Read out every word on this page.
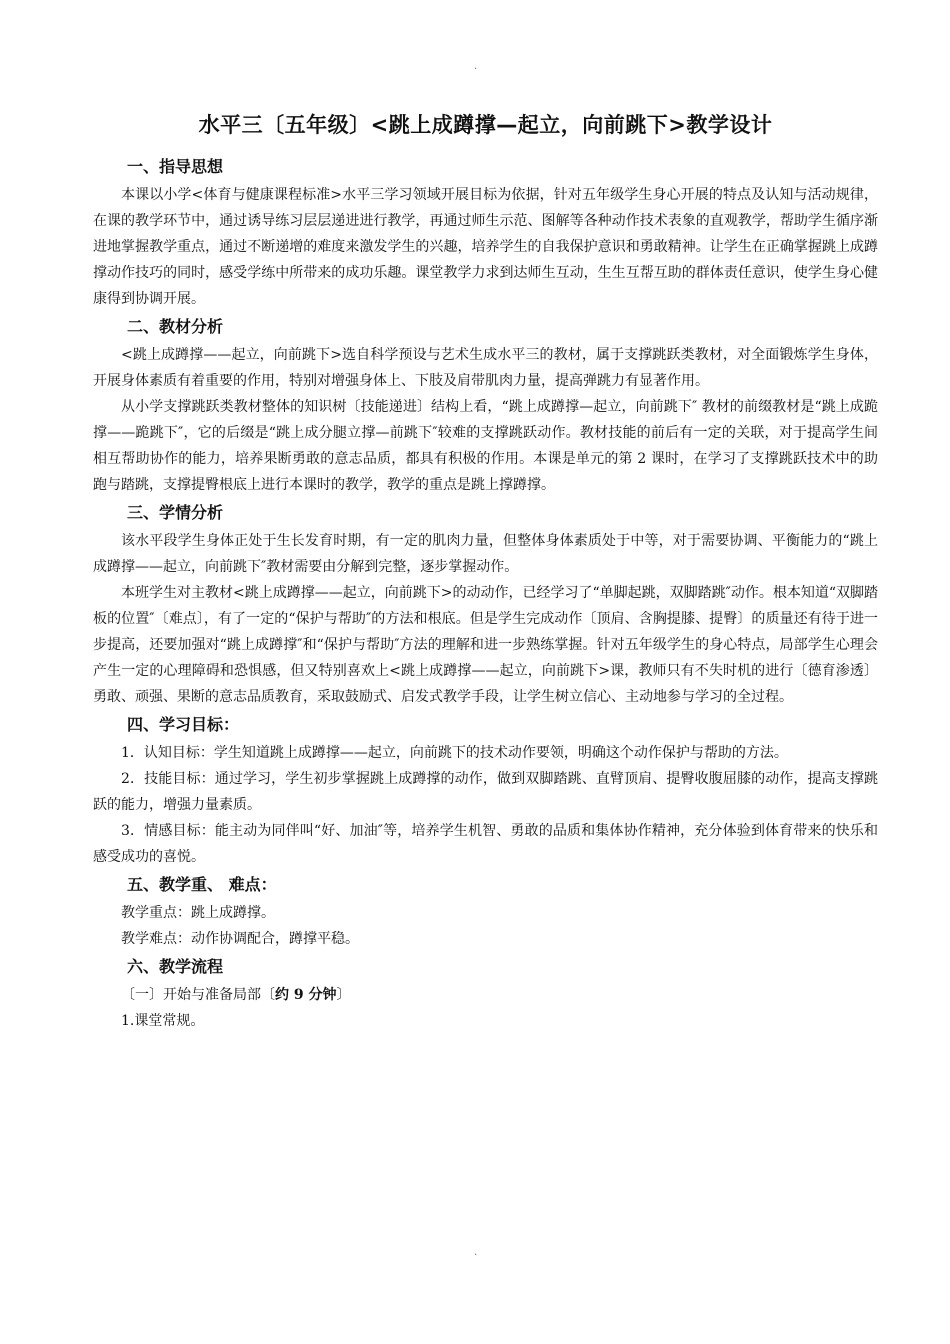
.
水平三〔五年级〕<跳上成蹲撑—起立，向前跳下>教学设计
一、指导思想

本课以小学<体育与健康课程标准>水平三学习领域开展目标为依据，针对五年级学生身心开展的特点及认知与活动规律，在课的教学环节中，通过诱导练习层层递进进行教学，再通过师生示范、图解等各种动作技术表象的直观教学，帮助学生循序渐进地掌握教学重点，通过不断递增的难度来激发学生的兴趣，培养学生的自我保护意识和勇敢精神。让学生在正确掌握跳上成蹲撑动作技巧的同时，感受学练中所带来的成功乐趣。课堂教学力求到达师生互动，生生互帮互助的群体责任意识，使学生身心健康得到协调开展。

二、教材分析

<跳上成蹲撑——起立，向前跳下>选自科学预设与艺术生成水平三的教材，属于支撑跳跃类教材，对全面锻炼学生身体，开展身体素质有着重要的作用，特别对增强身体上、下肢及肩带肌肉力量，提高弹跳力有显著作用。

从小学支撑跳跃类教材整体的知识树〔技能递进〕结构上看，“跳上成蹲撑—起立，向前跳下″ 教材的前缀教材是“跳上成跪撑——跪跳下″，它的后缀是“跳上成分腿立撑—前跳下″较难的支撑跳跃动作。教材技能的前后有一定的关联，对于提高学生间相互帮助协作的能力，培养果断勇敢的意志品质，都具有积极的作用。本课是单元的第 2 课时，在学习了支撑跳跃技术中的助跑与踏跳，支撑提臀根底上进行本课时的教学，教学的重点是跳上撑蹲撑。

三、学情分析

该水平段学生身体正处于生长发育时期，有一定的肌肉力量，但整体身体素质处于中等，对于需要协调、平衡能力的“跳上成蹲撑——起立，向前跳下″教材需要由分解到完整，逐步掌握动作。

本班学生对主教材<跳上成蹲撑——起立，向前跳下>的动动作，已经学习了“单脚起跳，双脚踏跳″动作。根本知道“双脚踏板的位置″〔难点〕，有了一定的“保护与帮助″的方法和根底。但是学生完成动作〔顶肩、含胸提膝、提臀〕的质量还有待于进一步提高，还要加强对“跳上成蹲撑″和“保护与帮助″方法的理解和进一步熟练掌握。针对五年级学生的身心特点，局部学生心理会产生一定的心理障碍和恐惧感，但又特别喜欢上<跳上成蹲撑——起立，向前跳下>课，教师只有不失时机的进行〔德育渗透〕勇敢、顽强、果断的意志品质教育，采取鼓励式、启发式教学手段，让学生树立信心、主动地参与学习的全过程。

四、学习目标：

1．认知目标：学生知道跳上成蹲撑——起立，向前跳下的技术动作要领，明确这个动作保护与帮助的方法。

2．技能目标：通过学习，学生初步掌握跳上成蹲撑的动作，做到双脚踏跳、直臂顶肩、提臀收腹屈膝的动作，提高支撑跳跃的能力，增强力量素质。

3．情感目标：能主动为同伴叫“好、加油″等，培养学生机智、勇敢的品质和集体协作精神，充分体验到体育带来的快乐和感受成功的喜悦。

五、教学重、 难点：

教学重点：跳上成蹲撑。

教学难点：动作协调配合，蹲撑平稳。

六、教学流程

〔一〕开始与准备局部〔约 9 分钟〕

1.课堂常规。

.
